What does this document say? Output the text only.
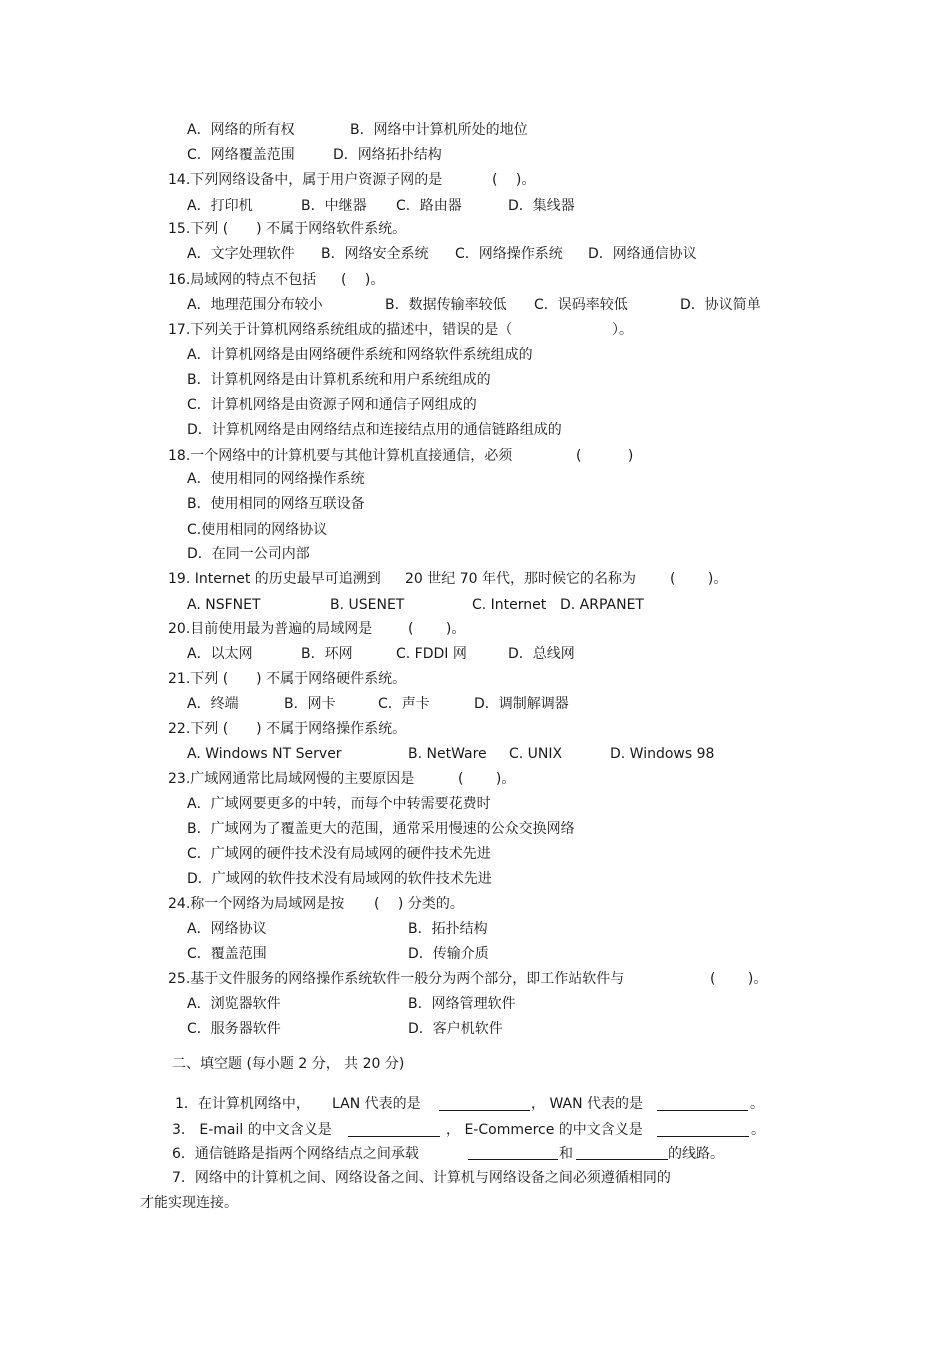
A．网络的所有权	B．网络中计算机所处的地位
C．网络覆盖范围	D．网络拓扑结构
14.下列网络设备中，属于用户资源子网的是	(　 )。
A．打印机	B．中继器 C．路由器	D．集线器
15.下列 (　　) 不属于网络软件系统。
A．文字处理软件 B．网络安全系统 C．网络操作系统 D．网络通信协议
16.局域网的特点不包括 (　 )。
A．地理范围分布较小	B．数据传输率较低 C．误码率较低	D．协议简单
17.下列关于计算机网络系统组成的描述中，错误的是（	）。
A．计算机网络是由网络硬件系统和网络软件系统组成的
B．计算机网络是由计算机系统和用户系统组成的
C．计算机网络是由资源子网和通信子网组成的
D．计算机网络是由网络结点和连接结点用的通信链路组成的
18.一个网络中的计算机要与其他计算机直接通信，必须	(　　　 )
A．使用相同的网络操作系统
B．使用相同的网络互联设备
C.使用相同的网络协议
D．在同一公司内部
19. Internet 的历史最早可追溯到 20 世纪 70 年代，那时候它的名称为 (　　 )。
A. NSFNET	B. USENET	C. Internet D. ARPANET
20.目前使用最为普遍的局域网是	(　　 )。
A．以太网	B．环网	C. FDDI 网	D．总线网
21.下列 (　　) 不属于网络硬件系统。
A．终端	B．网卡	C．声卡	D．调制解调器
22.下列 (　　) 不属于网络操作系统。
A. Windows NT Server	B. NetWare C. UNIX	D. Windows 98
23.广域网通常比局域网慢的主要原因是	(　　 )。
A．广域网要更多的中转，而每个中转需要花费时
B．广域网为了覆盖更大的范围，通常采用慢速的公众交换网络
C．广域网的硬件技术没有局域网的硬件技术先进
D．广域网的软件技术没有局域网的软件技术先进
24.称一个网络为局域网是按 (　 ) 分类的。
A．网络协议	B．拓扑结构
C．覆盖范围	D．传输介质
25.基于文件服务的网络操作系统软件一般分为两个部分，即工作站软件与	(　　 )。
A．浏览器软件	B．网络管理软件
C．服务器软件	D．客户机软件
二、填空题 (每小题 2 分， 共 20 分)
1．在计算机网络中， LAN 代表的是	， WAN 代表的是	。
3． E-mail 的中文含义是	， E-Commerce 的中文含义是	。
6．通信链路是指两个网络结点之间承载	和	的线路。
7．网络中的计算机之间、网络设备之间、计算机与网络设备之间必须遵循相同的
才能实现连接。
